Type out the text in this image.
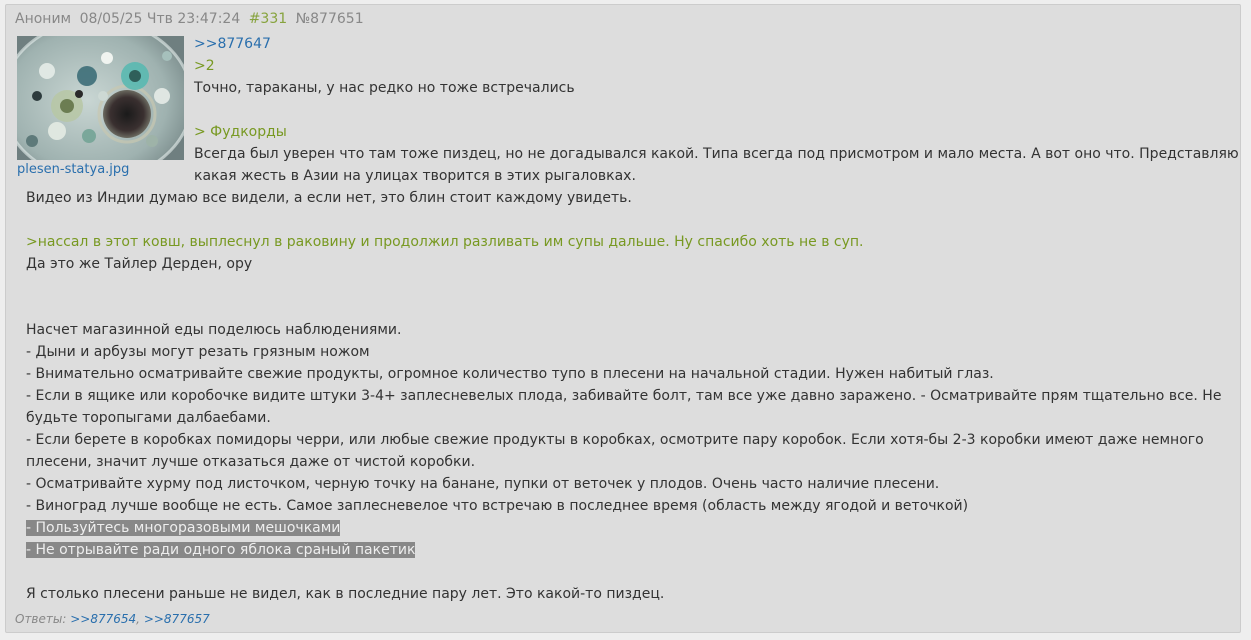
Аноним 08/05/25 Чтв 23:47:24 #331 №877651
plesen-statya.jpg
>>877647
>2
Точно, тараканы, у нас редко но тоже встречались
> Фудкорды
Всегда был уверен что там тоже пиздец, но не догадывался какой. Типа всегда под присмотром и мало места. А вот оно что. Представляю
какая жесть в Азии на улицах творится в этих рыгаловках.
Видео из Индии думаю все видели, а если нет, это блин стоит каждому увидеть.
>нассал в этот ковш, выплеснул в раковину и продолжил разливать им супы дальше. Ну спасибо хоть не в суп.
Да это же Тайлер Дерден, ору
Насчет магазинной еды поделюсь наблюдениями.
- Дыни и арбузы могут резать грязным ножом
- Внимательно осматривайте свежие продукты, огромное количество тупо в плесени на начальной стадии. Нужен набитый глаз.
- Если в ящике или коробочке видите штуки 3-4+ заплесневелых плода, забивайте болт, там все уже давно заражено. - Осматривайте прям тщательно все. Не
будьте торопыгами далбаебами.
- Если берете в коробках помидоры черри, или любые свежие продукты в коробках, осмотрите пару коробок. Если хотя-бы 2-3 коробки имеют даже немного
плесени, значит лучше отказаться даже от чистой коробки.
- Осматривайте хурму под листочком, черную точку на банане, пупки от веточек у плодов. Очень часто наличие плесени.
- Виноград лучше вообще не есть. Самое заплесневелое что встречаю в последнее время (область между ягодой и веточкой)
- Пользуйтесь многоразовыми мешочками
- Не отрывайте ради одного яблока сраный пакетик
Я столько плесени раньше не видел, как в последние пару лет. Это какой-то пиздец.
Ответы: >>877654, >>877657
